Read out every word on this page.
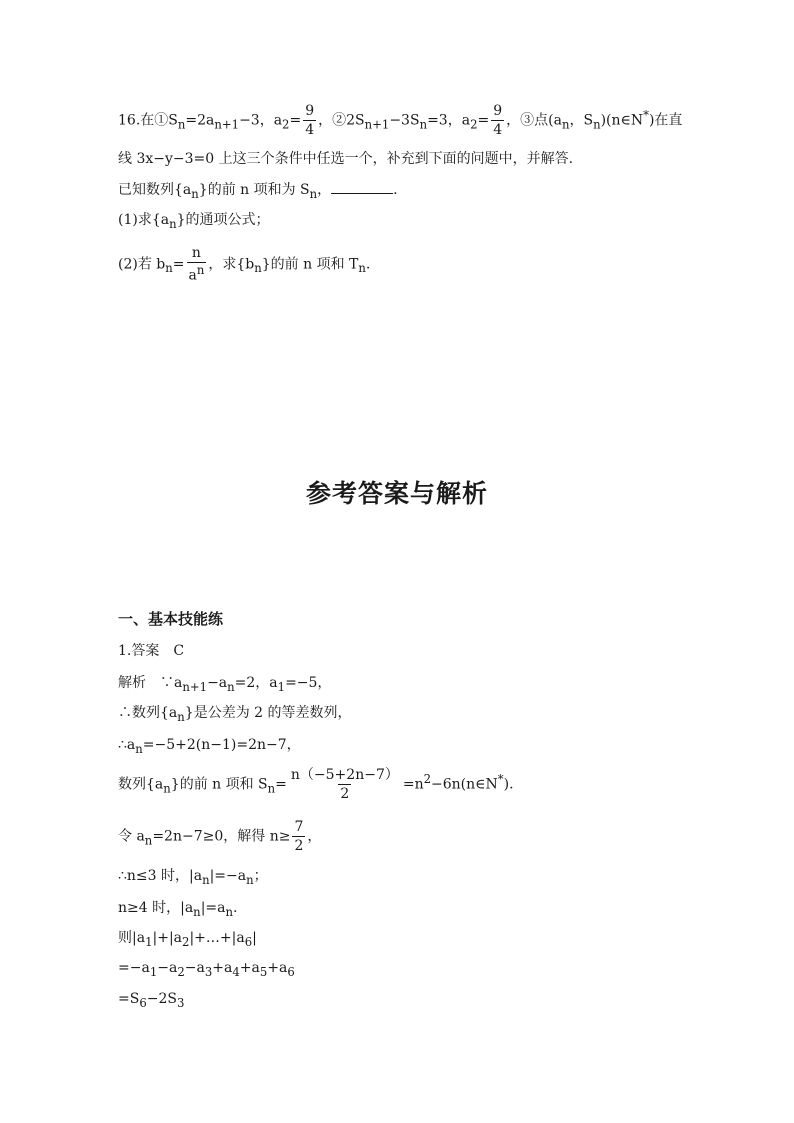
16.在$①S_n=2a_{n+1}-3$，$a_2= \frac{9}{4}$ ，$②2S_{n+1}-3S_n=3$，$a_2= \frac{9}{4}$ ，③点($a_n$，$S_n)(n\in N^*)$在直
线 3x−y−3=0 上这三个条件中任选一个，补充到下面的问题中，并解答.
已知数列$\{a_n\}$的前 n 项和为 $S_n$，	.
(1)求$\{a_n\}$的通项公式；
(2)若 $b_n= \frac{n}{a^n}$ ，求$\{b_n\}$的前 n 项和 $T_n$.
参考答案与解析
一、基本技能练
1.答案　C
解析　$\because a_{n+1}-a_n=2$，$a_1=-5$，
∴数列$\{a_n\}$是公差为 2 的等差数列，
$\therefore a_n=-5+2(n-1)=2n-7$，
数列$\{a_n\}$的前 n 项和 $S_n= \frac{n(-5+2n-7)}{2}$ $=n^2-6n(n\in N^*)$.
令 $a_n=2n-7\ge 0$，解得 $n\ge \frac{7}{2}$ ，
∴n≤3 时，$|a_n|=-a_n$；
n≥4 时，$|a_n|=a_n$.
则$|a_1|+|a_2|+\dots+|a_6|$
$=-a_1-a_2-a_3+a_4+a_5+a_6$
$=S_6-2S_3$
